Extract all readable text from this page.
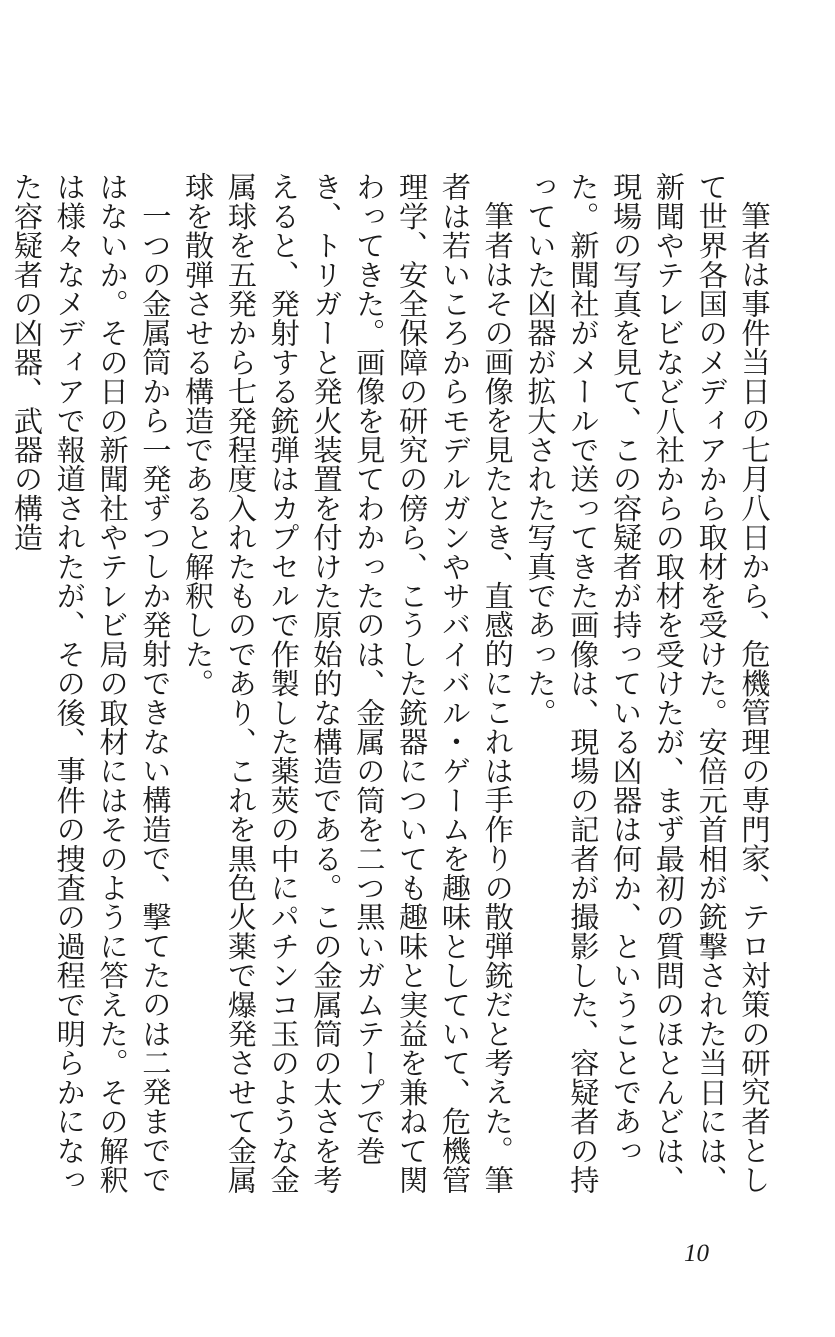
筆者は事件当日の七月八日から、危機管理の専門家、テロ対策の研究者として世界各国のメディアから取材を受けた。安倍元首相が銃撃された当日には、新聞やテレビなど八社からの取材を受けたが、まず最初の質問のほとんどは、現場の写真を見て、この容疑者が持っている凶器は何か、ということであった。新聞社がメールで送ってきた画像は、現場の記者が撮影した、容疑者の持っていた凶器が拡大された写真であった。

筆者はその画像を見たとき、直感的にこれは手作りの散弾銃だと考えた。筆者は若いころからモデルガンやサバイバル・ゲームを趣味としていて、危機管理学、安全保障の研究の傍ら、こうした銃器についても趣味と実益を兼ねて関わってきた。画像を見てわかったのは、金属の筒を二つ黒いガムテープで巻き、トリガーと発火装置を付けた原始的な構造である。この金属筒の太さを考えると、発射する銃弾はカプセルで作製した薬莢の中にパチンコ玉のような金属球を五発から七発程度入れたものであり、これを黒色火薬で爆発させて金属球を散弾させる構造であると解釈した。

一つの金属筒から一発ずつしか発射できない構造で、撃てたのは二発までではないか。その日の新聞社やテレビ局の取材にはそのように答えた。その解釈は様々なメディアで報道されたが、その後、事件の捜査の過程で明らかになった容疑者の凶器、武器の構造

10
